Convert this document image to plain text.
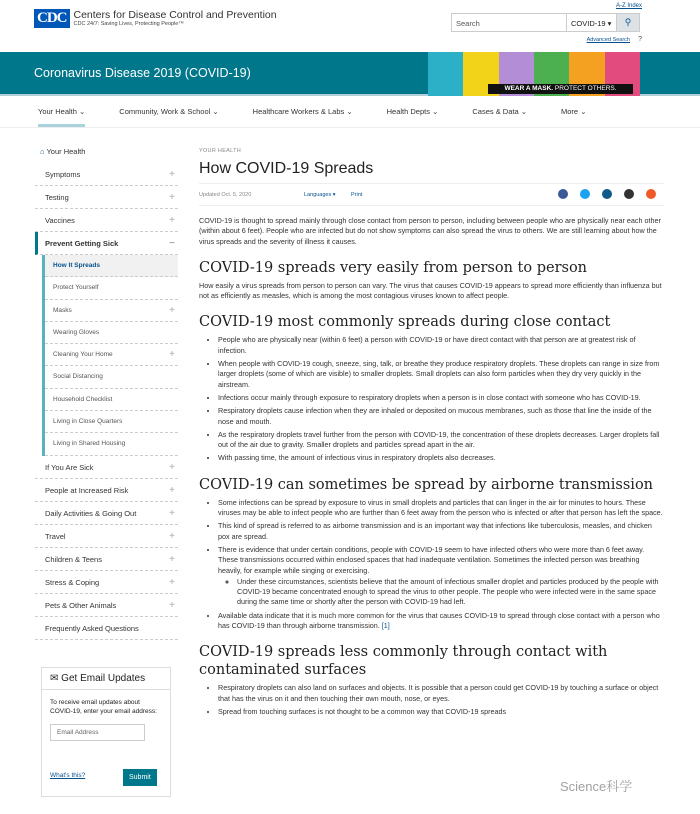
CDC Centers for Disease Control and Prevention
CDC 24/7: Saving Lives, Protecting People™
A-Z Index
Search	COVID-19 ▾	⚲
Advanced Search ?
Coronavirus Disease 2019 (COVID-19)
WEAR A MASK. PROTECT OTHERS.
Your Health ⌄	Community, Work & School ⌄	Healthcare Workers & Labs ⌄	Health Depts ⌄	Cases & Data ⌄	More ⌄
⌂ Your Health
Symptoms	+
Testing	+
Vaccines	+
Prevent Getting Sick	−
How It Spreads
Protect Yourself
Masks	+
Wearing Gloves
Cleaning Your Home	+
Social Distancing
Household Checklist
Living in Close Quarters
Living in Shared Housing
If You Are Sick	+
People at Increased Risk	+
Daily Activities & Going Out	+
Travel	+
Children & Teens	+
Stress & Coping	+
Pets & Other Animals	+
Frequently Asked Questions
✉ Get Email Updates

To receive email updates about COVID-19, enter your email address:

Email Address
What's this?	Submit
YOUR HEALTH
How COVID-19 Spreads
Updated Oct. 5, 2020	Languages ▾	Print

COVID-19 is thought to spread mainly through close contact from person to person, including between people who are physically near each other (within about 6 feet). People who are infected but do not show symptoms can also spread the virus to others. We are still learning about how the virus spreads and the severity of illness it causes.

COVID-19 spreads very easily from person to person

How easily a virus spreads from person to person can vary. The virus that causes COVID-19 appears to spread more efficiently than influenza but not as efficiently as measles, which is among the most contagious viruses known to affect people.

COVID-19 most commonly spreads during close contact
• People who are physically near (within 6 feet) a person with COVID-19 or have direct contact with that person are at greatest risk of infection.
• When people with COVID-19 cough, sneeze, sing, talk, or breathe they produce respiratory droplets. These droplets can range in size from larger droplets (some of which are visible) to smaller droplets. Small droplets can also form particles when they dry very quickly in the airstream.
• Infections occur mainly through exposure to respiratory droplets when a person is in close contact with someone who has COVID-19.
• Respiratory droplets cause infection when they are inhaled or deposited on mucous membranes, such as those that line the inside of the nose and mouth.
• As the respiratory droplets travel further from the person with COVID-19, the concentration of these droplets decreases. Larger droplets fall out of the air due to gravity. Smaller droplets and particles spread apart in the air.
• With passing time, the amount of infectious virus in respiratory droplets also decreases.
COVID-19 can sometimes be spread by airborne transmission
• Some infections can be spread by exposure to virus in small droplets and particles that can linger in the air for minutes to hours. These viruses may be able to infect people who are further than 6 feet away from the person who is infected or after that person has left the space.
• This kind of spread is referred to as airborne transmission and is an important way that infections like tuberculosis, measles, and chicken pox are spread.
• There is evidence that under certain conditions, people with COVID-19 seem to have infected others who were more than 6 feet away. These transmissions occurred within enclosed spaces that had inadequate ventilation. Sometimes the infected person was breathing heavily, for example while singing or exercising.
◦ Under these circumstances, scientists believe that the amount of infectious smaller droplet and particles produced by the people with COVID-19 became concentrated enough to spread the virus to other people. The people who were infected were in the same space during the same time or shortly after the person with COVID-19 had left.
• Available data indicate that it is much more common for the virus that causes COVID-19 to spread through close contact with a person who has COVID-19 than through airborne transmission. [1]
COVID-19 spreads less commonly through contact with contaminated surfaces
• Respiratory droplets can also land on surfaces and objects. It is possible that a person could get COVID-19 by touching a surface or object that has the virus on it and then touching their own mouth, nose, or eyes.
• Spread from touching surfaces is not thought to be a common way that COVID-19 spreads
Science科学
